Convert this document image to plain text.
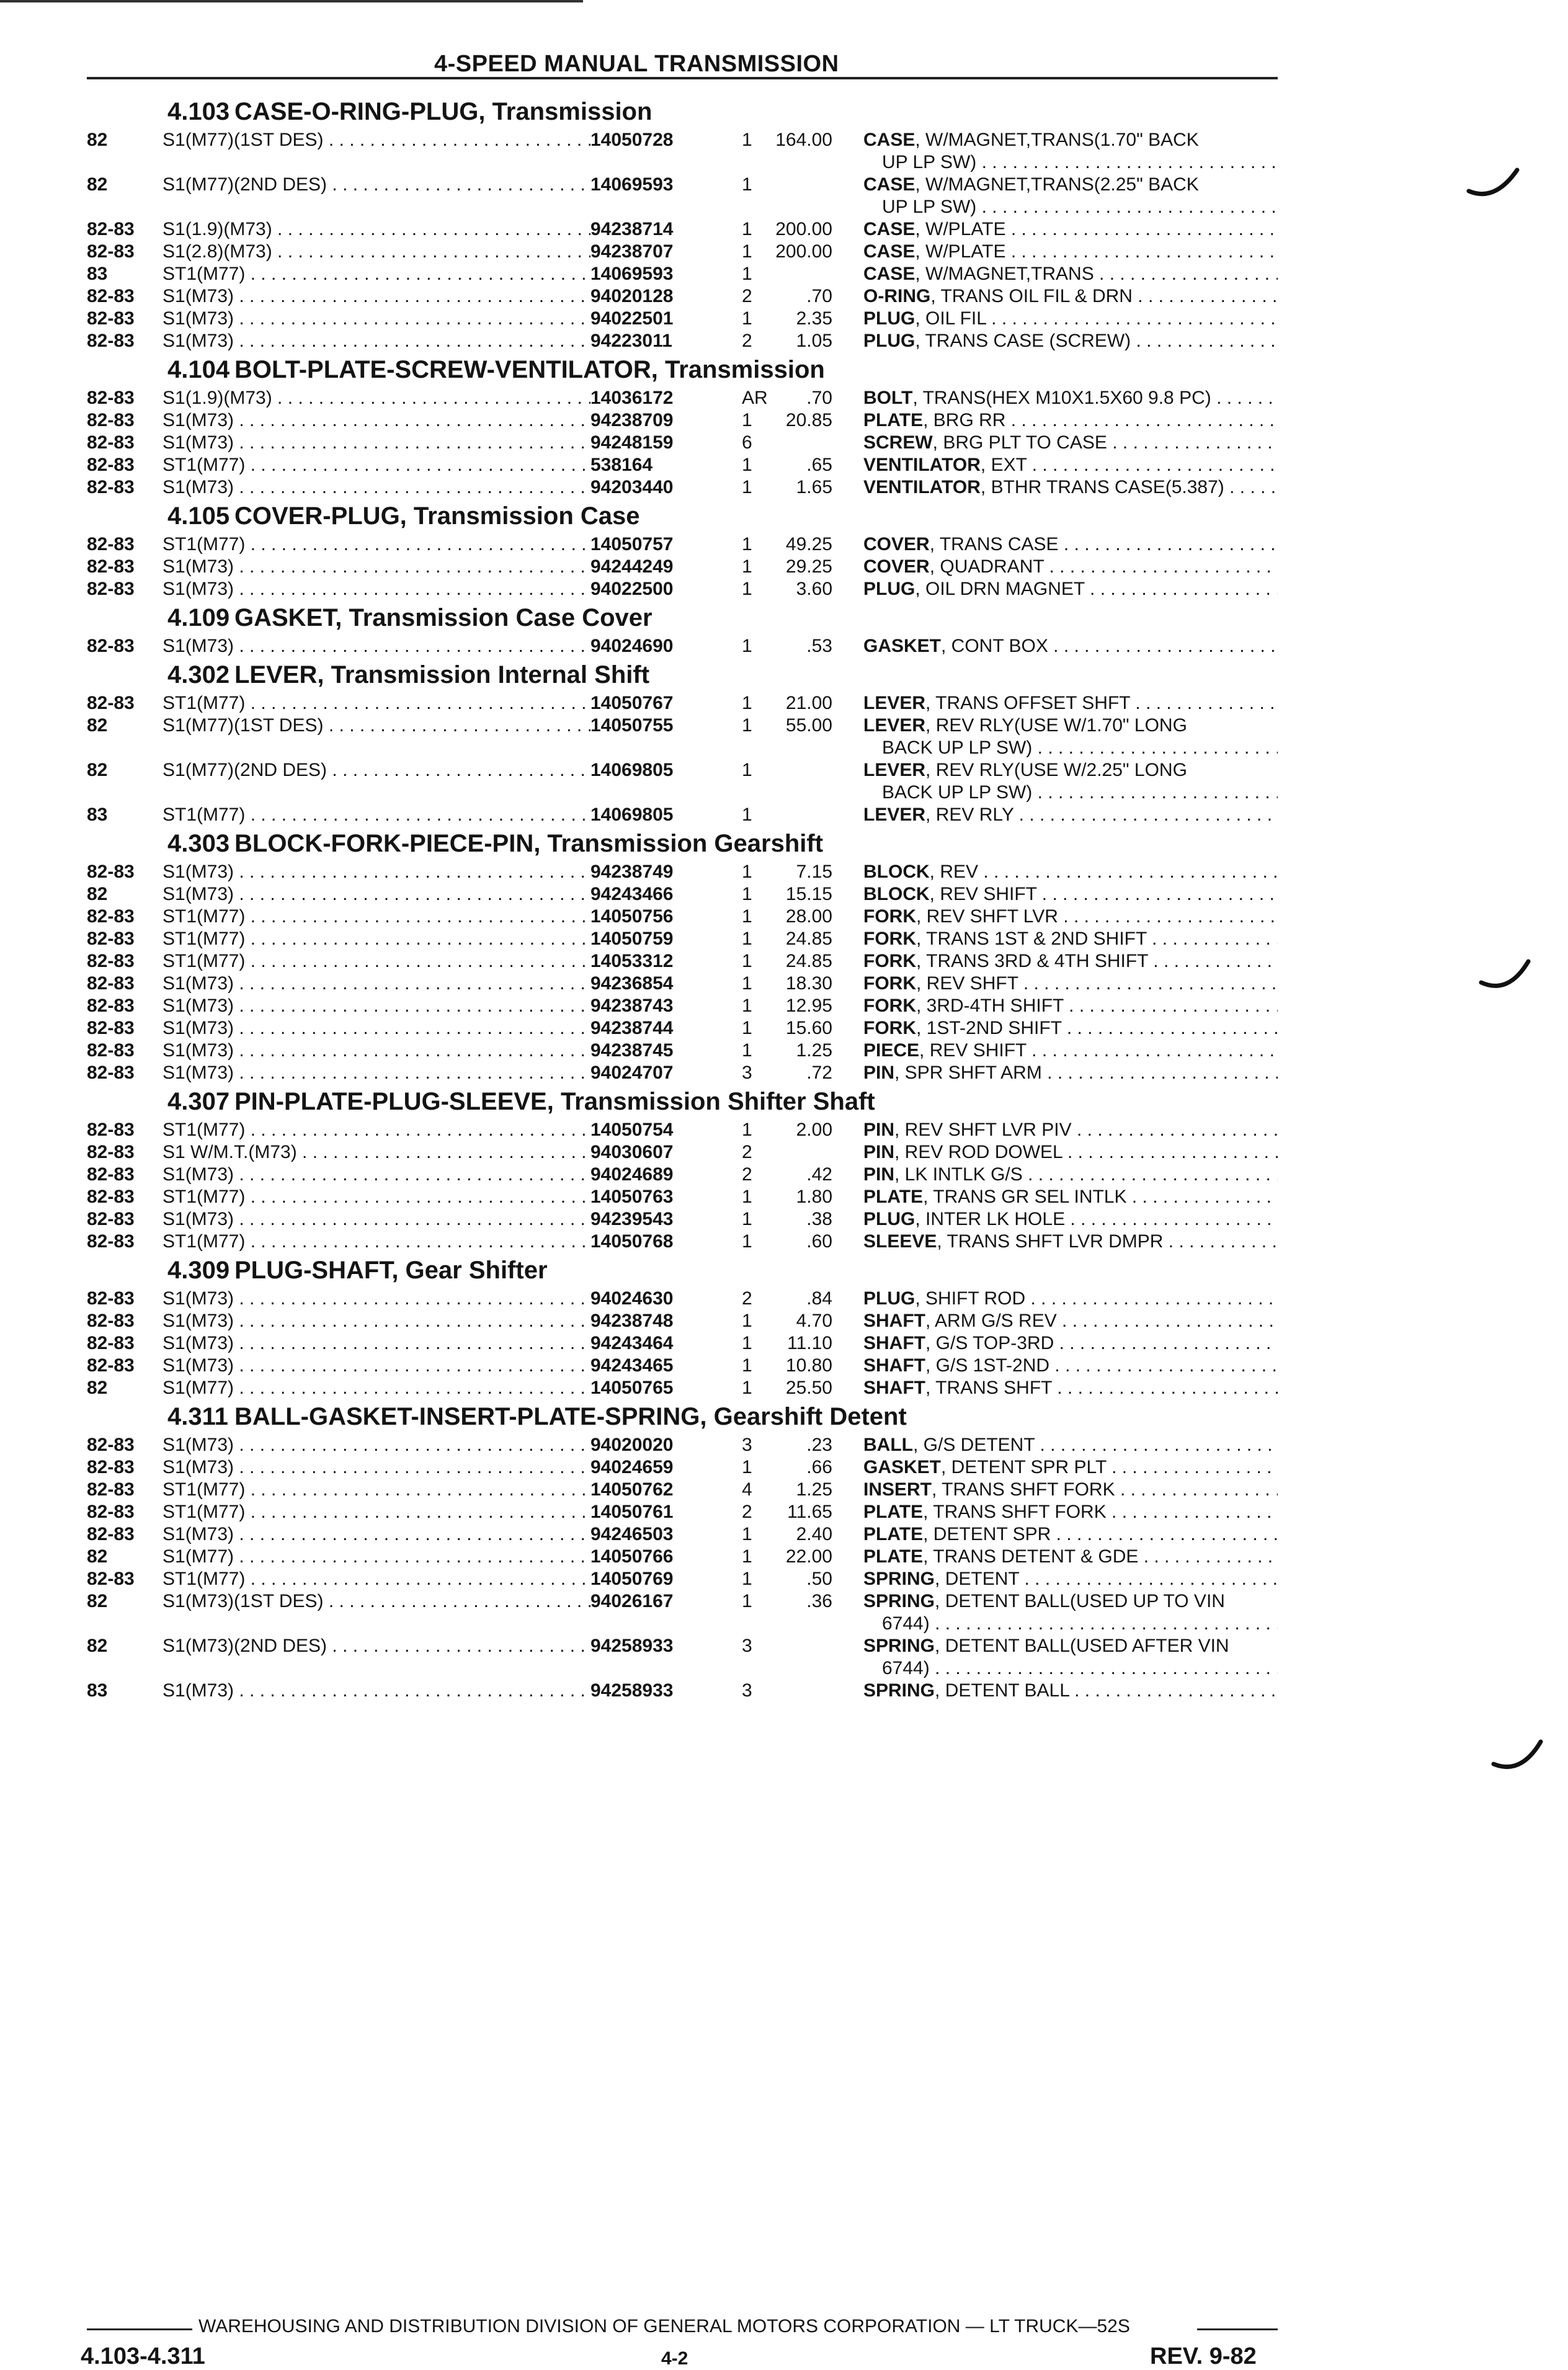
4-SPEED MANUAL TRANSMISSION
4.103 CASE-O-RING-PLUG, Transmission
82	S1(M77)(1ST DES) . . .	14050728	1	164.00	CASE, W/MAGNET,TRANS(1.70" BACK
UP LP SW) . . .
82	S1(M77)(2ND DES) . . .	14069593	1	CASE, W/MAGNET,TRANS(2.25" BACK
UP LP SW) . . .
82-83	S1(1.9)(M73) . . .	94238714	1	200.00	CASE, W/PLATE . . .
82-83	S1(2.8)(M73) . . .	94238707	1	200.00	CASE, W/PLATE . . .
83	ST1(M77) . . .	14069593	1	CASE, W/MAGNET,TRANS . . .
82-83	S1(M73) . . .	94020128	2	.70	O-RING, TRANS OIL FIL & DRN . . .
82-83	S1(M73) . . .	94022501	1	2.35	PLUG, OIL FIL . . .
82-83	S1(M73) . . .	94223011	2	1.05	PLUG, TRANS CASE (SCREW) . . .
4.104 BOLT-PLATE-SCREW-VENTILATOR, Transmission
82-83	S1(1.9)(M73) . . .	14036172	AR	.70	BOLT, TRANS(HEX M10X1.5X60 9.8 PC) . . .
82-83	S1(M73) . . .	94238709	1	20.85	PLATE, BRG RR . . .
82-83	S1(M73) . . .	94248159	6	SCREW, BRG PLT TO CASE . . .
82-83	ST1(M77) . . .	538164	1	.65	VENTILATOR, EXT . . .
82-83	S1(M73) . . .	94203440	1	1.65	VENTILATOR, BTHR TRANS CASE(5.387) . . .
4.105 COVER-PLUG, Transmission Case
82-83	ST1(M77) . . .	14050757	1	49.25	COVER, TRANS CASE . . .
82-83	S1(M73) . . .	94244249	1	29.25	COVER, QUADRANT . . .
82-83	S1(M73) . . .	94022500	1	3.60	PLUG, OIL DRN MAGNET . . .
4.109 GASKET, Transmission Case Cover
82-83	S1(M73) . . .	94024690	1	.53	GASKET, CONT BOX . . .
4.302 LEVER, Transmission Internal Shift
82-83	ST1(M77) . . .	14050767	1	21.00	LEVER, TRANS OFFSET SHFT . . .
82	S1(M77)(1ST DES) . . .	14050755	1	55.00	LEVER, REV RLY(USE W/1.70" LONG
BACK UP LP SW) . . .
82	S1(M77)(2ND DES) . . .	14069805	1	LEVER, REV RLY(USE W/2.25" LONG
BACK UP LP SW) . . .
83	ST1(M77) . . .	14069805	1	LEVER, REV RLY . . .
4.303 BLOCK-FORK-PIECE-PIN, Transmission Gearshift
82-83	S1(M73) . . .	94238749	1	7.15	BLOCK, REV . . .
82	S1(M73) . . .	94243466	1	15.15	BLOCK, REV SHIFT . . .
82-83	ST1(M77) . . .	14050756	1	28.00	FORK, REV SHFT LVR . . .
82-83	ST1(M77) . . .	14050759	1	24.85	FORK, TRANS 1ST & 2ND SHIFT . . .
82-83	ST1(M77) . . .	14053312	1	24.85	FORK, TRANS 3RD & 4TH SHIFT . . .
82-83	S1(M73) . . .	94236854	1	18.30	FORK, REV SHFT . . .
82-83	S1(M73) . . .	94238743	1	12.95	FORK, 3RD-4TH SHIFT . . .
82-83	S1(M73) . . .	94238744	1	15.60	FORK, 1ST-2ND SHIFT . . .
82-83	S1(M73) . . .	94238745	1	1.25	PIECE, REV SHIFT . . .
82-83	S1(M73) . . .	94024707	3	.72	PIN, SPR SHFT ARM . . .
4.307 PIN-PLATE-PLUG-SLEEVE, Transmission Shifter Shaft
82-83	ST1(M77) . . .	14050754	1	2.00	PIN, REV SHFT LVR PIV . . .
82-83	S1 W/M.T.(M73) . . .	94030607	2	PIN, REV ROD DOWEL . . .
82-83	S1(M73) . . .	94024689	2	.42	PIN, LK INTLK G/S . . .
82-83	ST1(M77) . . .	14050763	1	1.80	PLATE, TRANS GR SEL INTLK . . .
82-83	S1(M73) . . .	94239543	1	.38	PLUG, INTER LK HOLE . . .
82-83	ST1(M77) . . .	14050768	1	.60	SLEEVE, TRANS SHFT LVR DMPR . . .
4.309 PLUG-SHAFT, Gear Shifter
82-83	S1(M73) . . .	94024630	2	.84	PLUG, SHIFT ROD . . .
82-83	S1(M73) . . .	94238748	1	4.70	SHAFT, ARM G/S REV . . .
82-83	S1(M73) . . .	94243464	1	11.10	SHAFT, G/S TOP-3RD . . .
82-83	S1(M73) . . .	94243465	1	10.80	SHAFT, G/S 1ST-2ND . . .
82	S1(M77) . . .	14050765	1	25.50	SHAFT, TRANS SHFT . . .
4.311 BALL-GASKET-INSERT-PLATE-SPRING, Gearshift Detent
82-83	S1(M73) . . .	94020020	3	.23	BALL, G/S DETENT . . .
82-83	S1(M73) . . .	94024659	1	.66	GASKET, DETENT SPR PLT . . .
82-83	ST1(M77) . . .	14050762	4	1.25	INSERT, TRANS SHFT FORK . . .
82-83	ST1(M77) . . .	14050761	2	11.65	PLATE, TRANS SHFT FORK . . .
82-83	S1(M73) . . .	94246503	1	2.40	PLATE, DETENT SPR . . .
82	S1(M77) . . .	14050766	1	22.00	PLATE, TRANS DETENT & GDE . . .
82-83	ST1(M77) . . .	14050769	1	.50	SPRING, DETENT . . .
82	S1(M73)(1ST DES) . . .	94026167	1	.36	SPRING, DETENT BALL(USED UP TO VIN
6744) . . .
82	S1(M73)(2ND DES) . . .	94258933	3	SPRING, DETENT BALL(USED AFTER VIN
6744) . . .
83	S1(M73) . . .	94258933	3	SPRING, DETENT BALL . . .
WAREHOUSING AND DISTRIBUTION DIVISION OF GENERAL MOTORS CORPORATION — LT TRUCK—52S
4.103-4.311	4-2	REV. 9-82
